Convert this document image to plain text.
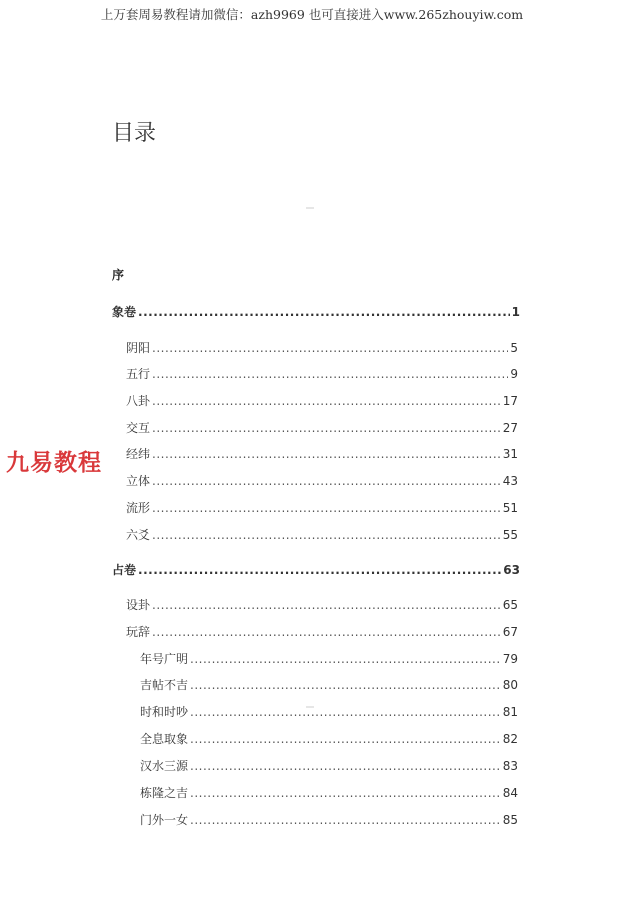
上万套周易教程请加微信：azh9969 也可直接进入www.265zhouyiw.com
目录
序
九易教程
象卷 .....	1
阴阳 .....	5
五行 .....	9
八卦 .....	17
交互 .....	27
经纬 .....	31
立体 .....	43
流形 .....	51
六爻 .....	55
占卷 .....	63
设卦 .....	65
玩辞 .....	67
年号广明 .....	79
吉帖不吉 .....	80
时和时吵 .....	81
全息取象 .....	82
汉水三源 .....	83
栋隆之吉 .....	84
门外一女 .....	85
